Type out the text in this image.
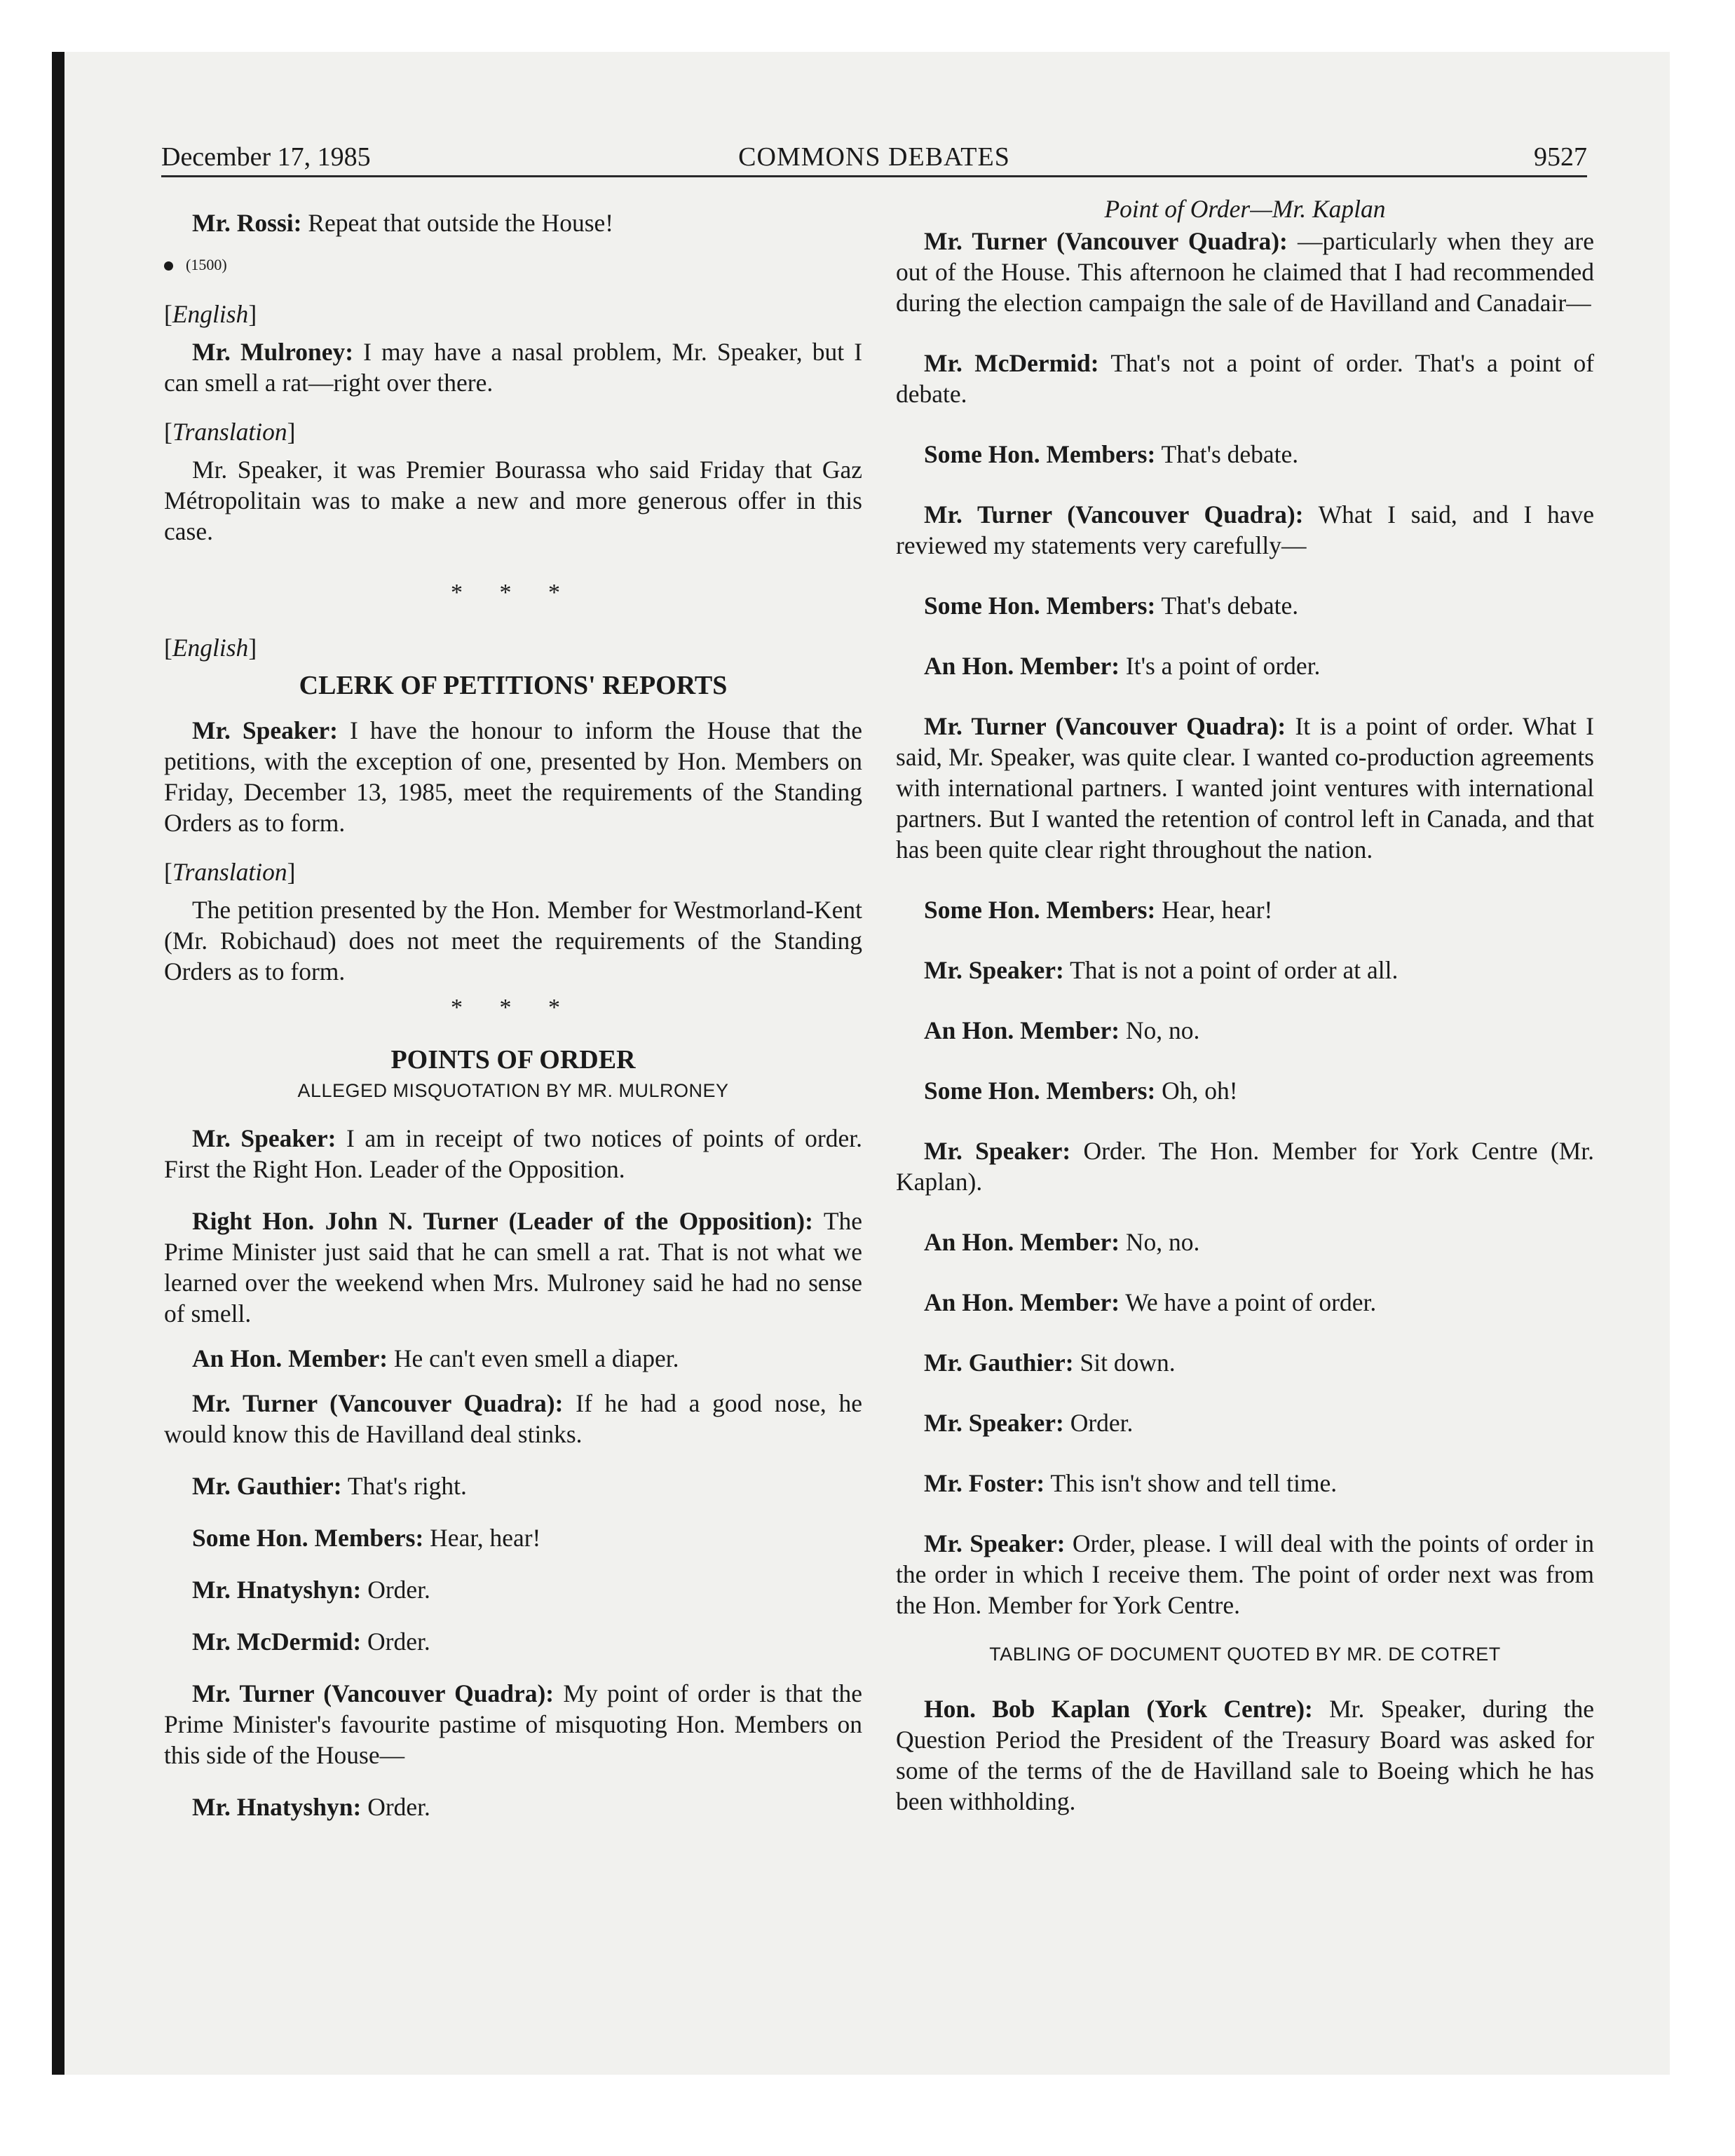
December 17, 1985	COMMONS DEBATES	9527

Mr. Rossi: Repeat that outside the House!

(1500)

[English]

Mr. Mulroney: I may have a nasal problem, Mr. Speaker, but I can smell a rat—right over there.

[Translation]

Mr. Speaker, it was Premier Bourassa who said Friday that Gaz Métropolitain was to make a new and more generous offer in this case.

* * *

[English]

CLERK OF PETITIONS' REPORTS

Mr. Speaker: I have the honour to inform the House that the petitions, with the exception of one, presented by Hon. Members on Friday, December 13, 1985, meet the requirements of the Standing Orders as to form.

[Translation]

The petition presented by the Hon. Member for Westmorland-Kent (Mr. Robichaud) does not meet the requirements of the Standing Orders as to form.

* * *

POINTS OF ORDER

ALLEGED MISQUOTATION BY MR. MULRONEY

Mr. Speaker: I am in receipt of two notices of points of order. First the Right Hon. Leader of the Opposition.

Right Hon. John N. Turner (Leader of the Opposition): The Prime Minister just said that he can smell a rat. That is not what we learned over the weekend when Mrs. Mulroney said he had no sense of smell.

An Hon. Member: He can't even smell a diaper.

Mr. Turner (Vancouver Quadra): If he had a good nose, he would know this de Havilland deal stinks.

Mr. Gauthier: That's right.

Some Hon. Members: Hear, hear!

Mr. Hnatyshyn: Order.

Mr. McDermid: Order.

Mr. Turner (Vancouver Quadra): My point of order is that the Prime Minister's favourite pastime of misquoting Hon. Members on this side of the House—

Mr. Hnatyshyn: Order.

Point of Order—Mr. Kaplan

Mr. Turner (Vancouver Quadra): —particularly when they are out of the House. This afternoon he claimed that I had recommended during the election campaign the sale of de Havilland and Canadair—

Mr. McDermid: That's not a point of order. That's a point of debate.

Some Hon. Members: That's debate.

Mr. Turner (Vancouver Quadra): What I said, and I have reviewed my statements very carefully—

Some Hon. Members: That's debate.

An Hon. Member: It's a point of order.

Mr. Turner (Vancouver Quadra): It is a point of order. What I said, Mr. Speaker, was quite clear. I wanted co-production agreements with international partners. I wanted joint ventures with international partners. But I wanted the retention of control left in Canada, and that has been quite clear right throughout the nation.

Some Hon. Members: Hear, hear!

Mr. Speaker: That is not a point of order at all.

An Hon. Member: No, no.

Some Hon. Members: Oh, oh!

Mr. Speaker: Order. The Hon. Member for York Centre (Mr. Kaplan).

An Hon. Member: No, no.

An Hon. Member: We have a point of order.

Mr. Gauthier: Sit down.

Mr. Speaker: Order.

Mr. Foster: This isn't show and tell time.

Mr. Speaker: Order, please. I will deal with the points of order in the order in which I receive them. The point of order next was from the Hon. Member for York Centre.

TABLING OF DOCUMENT QUOTED BY MR. DE COTRET

Hon. Bob Kaplan (York Centre): Mr. Speaker, during the Question Period the President of the Treasury Board was asked for some of the terms of the de Havilland sale to Boeing which he has been withholding.
